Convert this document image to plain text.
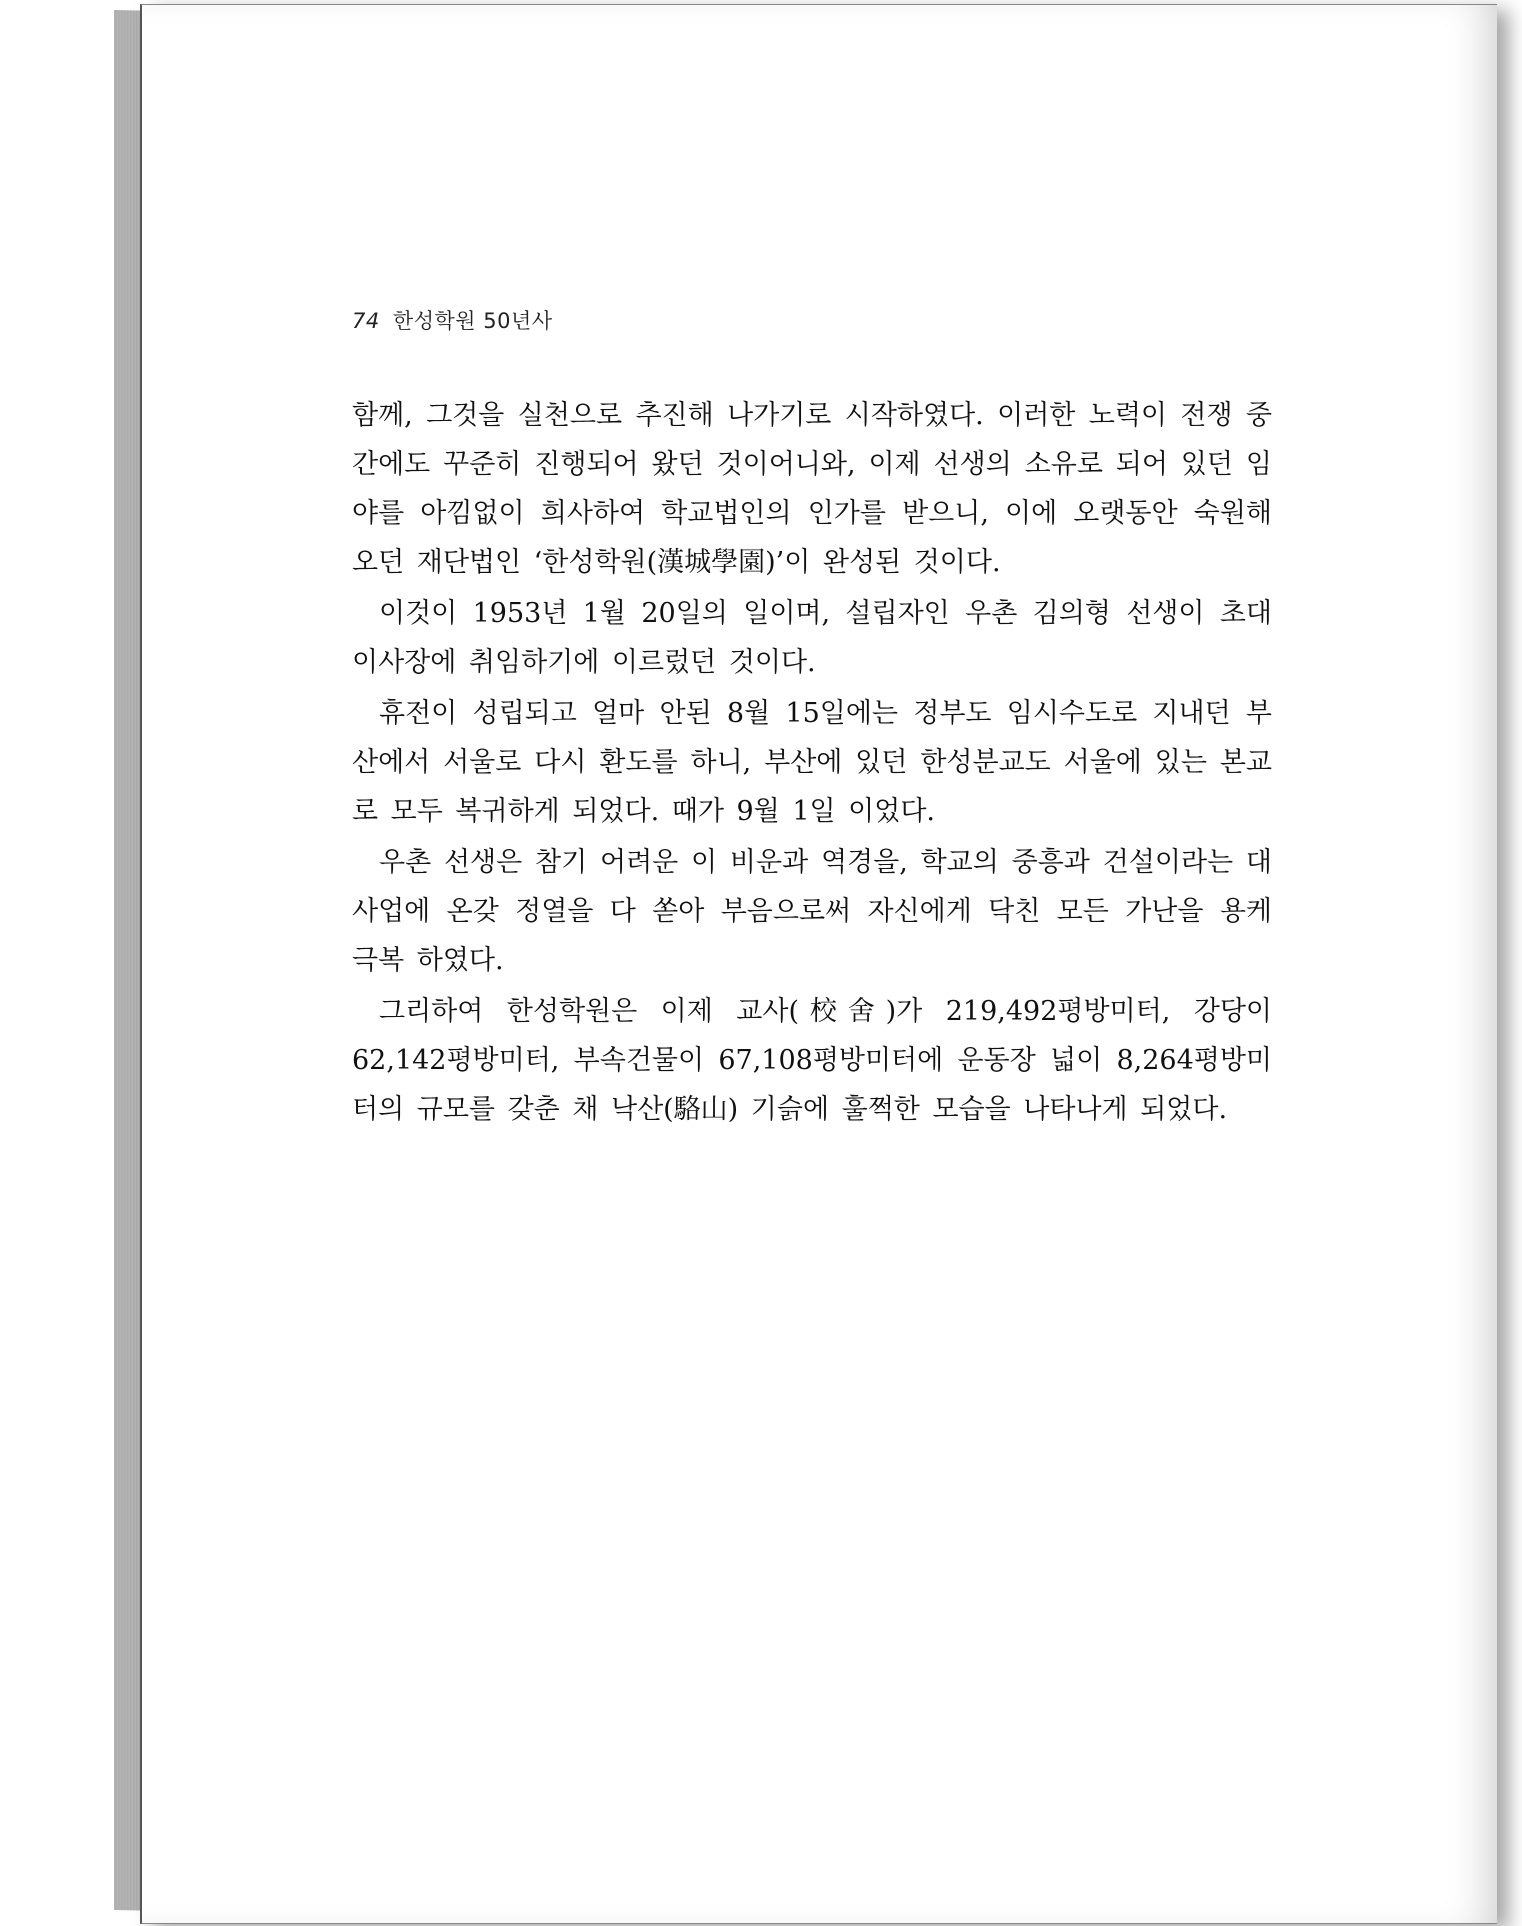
74 한성학원 50년사

함께, 그것을 실천으로 추진해 나가기로 시작하였다. 이러한 노력이 전쟁 중간에도 꾸준히 진행되어 왔던 것이어니와, 이제 선생의 소유로 되어 있던 임야를 아낌없이 희사하여 학교법인의 인가를 받으니, 이에 오랫동안 숙원해 오던 재단법인 ‘한성학원(漢城學園)’이 완성된 것이다.

이것이 1953년 1월 20일의 일이며, 설립자인 우촌 김의형 선생이 초대 이사장에 취임하기에 이르렀던 것이다.

휴전이 성립되고 얼마 안된 8월 15일에는 정부도 임시수도로 지내던 부산에서 서울로 다시 환도를 하니, 부산에 있던 한성분교도 서울에 있는 본교로 모두 복귀하게 되었다. 때가 9월 1일 이었다.

우촌 선생은 참기 어려운 이 비운과 역경을, 학교의 중흥과 건설이라는 대사업에 온갖 정열을 다 쏟아 부음으로써 자신에게 닥친 모든 가난을 용케 극복 하였다.

그리하여 한성학원은 이제 교사(校舍)가 219,492평방미터, 강당이 62,142평방미터, 부속건물이 67,108평방미터에 운동장 넓이 8,264평방미터의 규모를 갖춘 채 낙산(駱山) 기슭에 훌쩍한 모습을 나타나게 되었다.
